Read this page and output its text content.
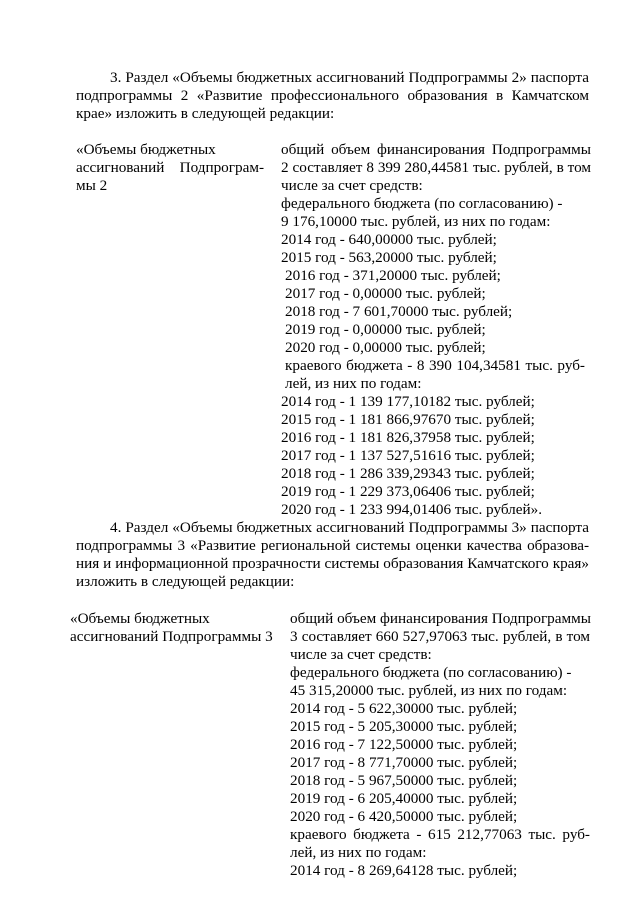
3. Раздел «Объемы бюджетных ассигнований Подпрограммы 2» паспорта
подпрограммы 2 «Развитие профессионального образования в Камчатском
крае» изложить в следующей редакции:
«Объемы бюджетных
ассигнований Подпрограм-
мы 2
общий объем финансирования Подпрограммы
2 составляет 8 399 280,44581 тыс. рублей, в том
числе за счет средств:
федерального бюджета (по согласованию) -
9 176,10000 тыс. рублей, из них по годам:
2014 год - 640,00000 тыс. рублей;
2015 год - 563,20000 тыс. рублей;
2016 год - 371,20000 тыс. рублей;
2017 год - 0,00000 тыс. рублей;
2018 год - 7 601,70000 тыс. рублей;
2019 год - 0,00000 тыс. рублей;
2020 год - 0,00000 тыс. рублей;
краевого бюджета - 8 390 104,34581 тыс. руб-
лей, из них по годам:
2014 год - 1 139 177,10182 тыс. рублей;
2015 год - 1 181 866,97670 тыс. рублей;
2016 год - 1 181 826,37958 тыс. рублей;
2017 год - 1 137 527,51616 тыс. рублей;
2018 год - 1 286 339,29343 тыс. рублей;
2019 год - 1 229 373,06406 тыс. рублей;
2020 год - 1 233 994,01406 тыс. рублей».
4. Раздел «Объемы бюджетных ассигнований Подпрограммы 3» паспорта
подпрограммы 3 «Развитие региональной системы оценки качества образова-
ния и информационной прозрачности системы образования Камчатского края»
изложить в следующей редакции:
«Объемы бюджетных
ассигнований Подпрограммы 3
общий объем финансирования Подпрограммы
3 составляет 660 527,97063 тыс. рублей, в том
числе за счет средств:
федерального бюджета (по согласованию) -
45 315,20000 тыс. рублей, из них по годам:
2014 год - 5 622,30000 тыс. рублей;
2015 год - 5 205,30000 тыс. рублей;
2016 год - 7 122,50000 тыс. рублей;
2017 год - 8 771,70000 тыс. рублей;
2018 год - 5 967,50000 тыс. рублей;
2019 год - 6 205,40000 тыс. рублей;
2020 год - 6 420,50000 тыс. рублей;
краевого бюджета - 615 212,77063 тыс. руб-
лей, из них по годам:
2014 год - 8 269,64128 тыс. рублей;
